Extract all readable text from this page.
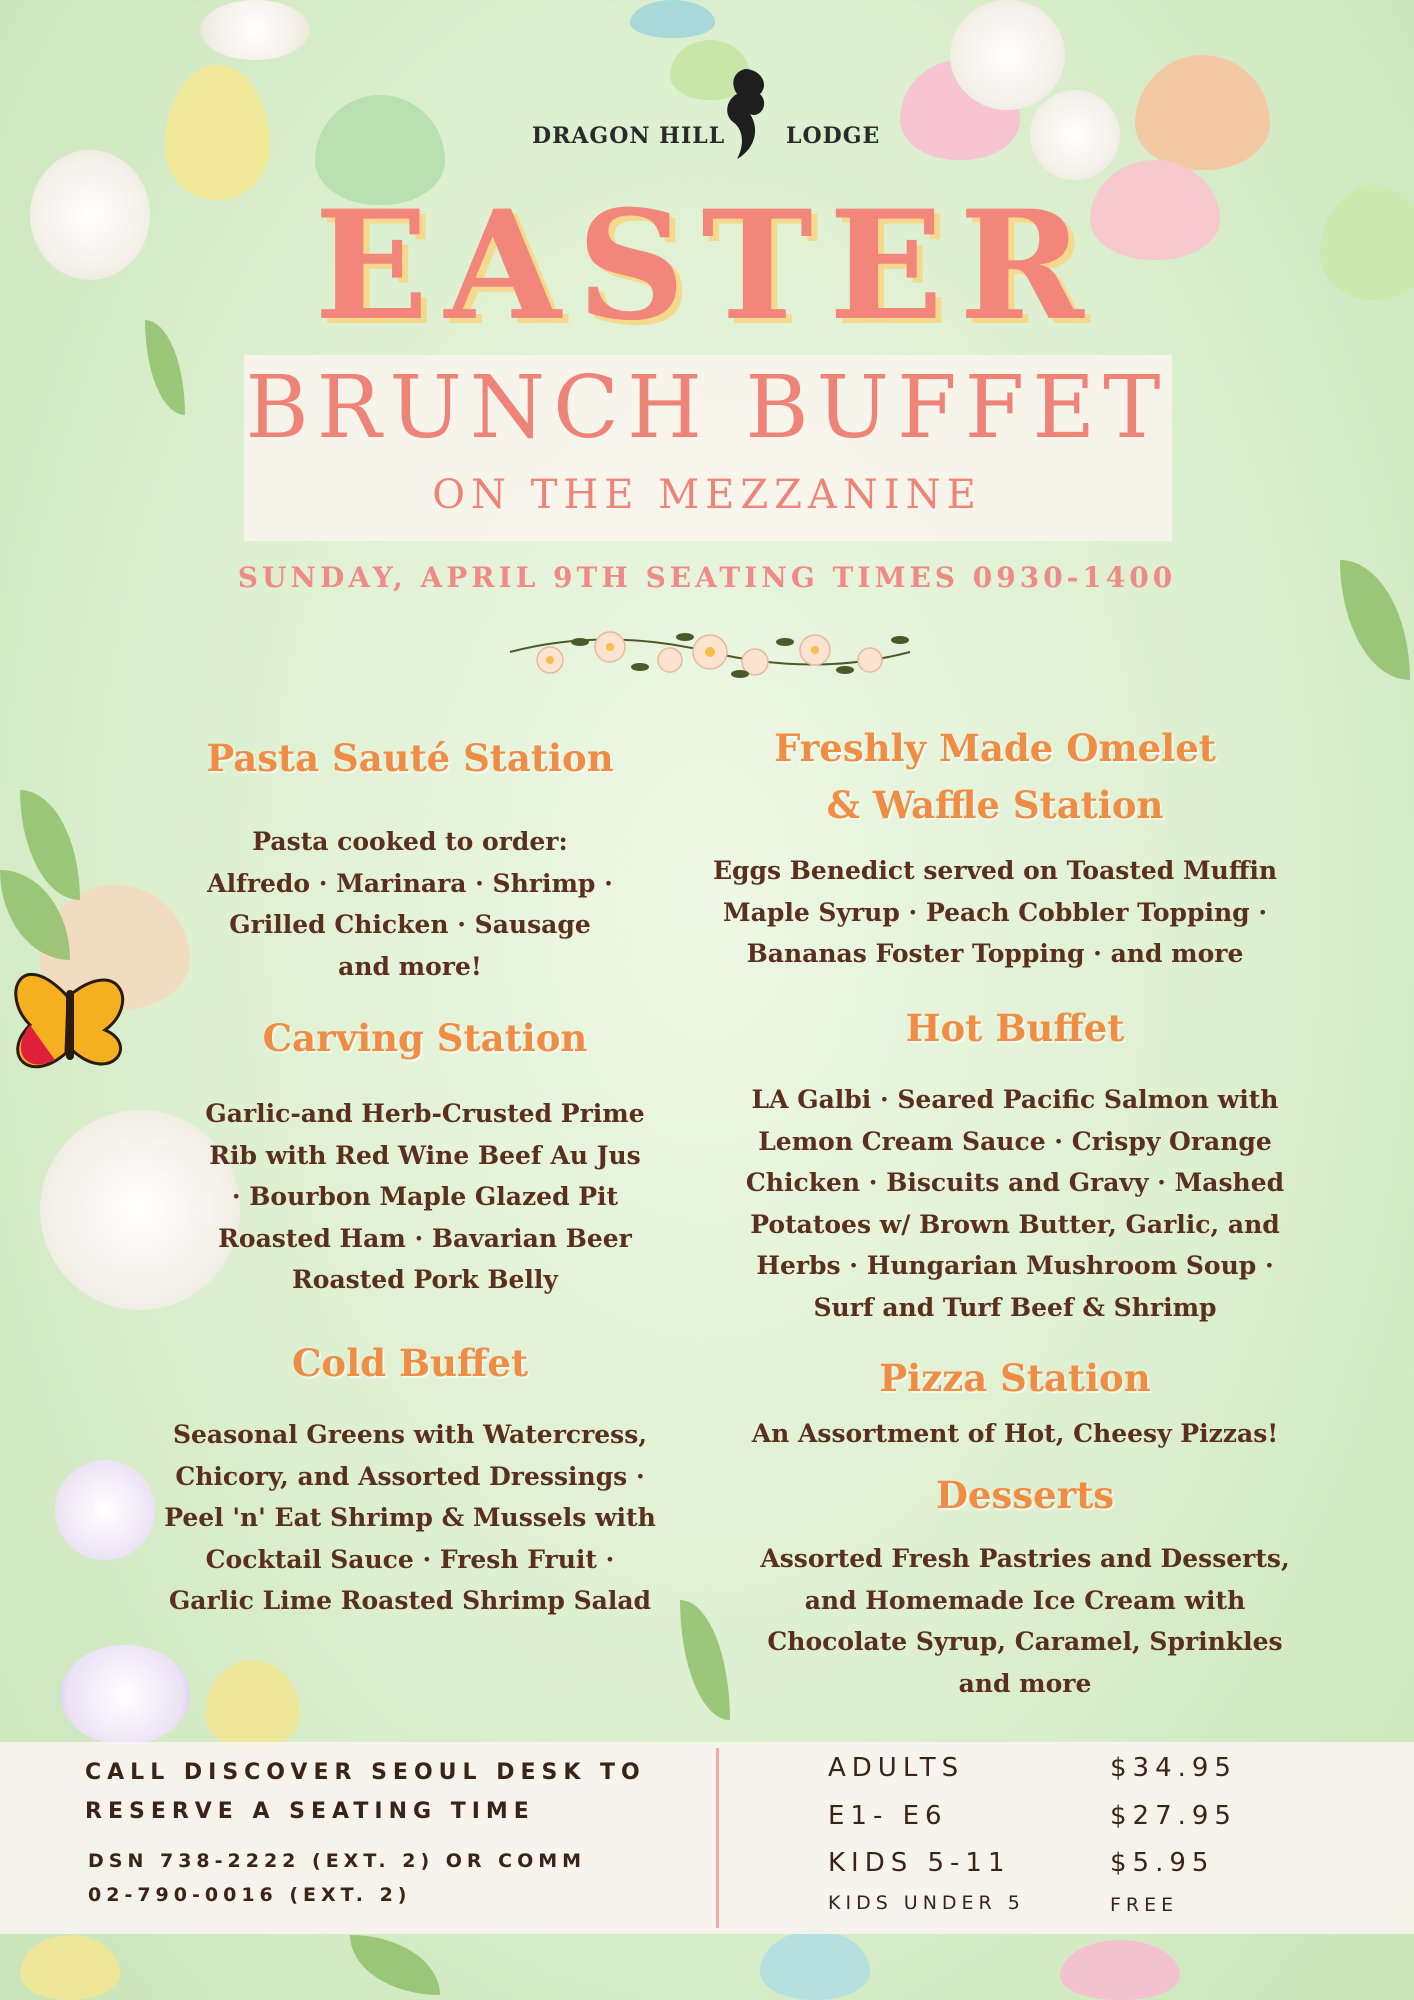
DRAGON HILL	LODGE
EASTER
BRUNCH BUFFET
ON THE MEZZANINE
SUNDAY, APRIL 9TH SEATING TIMES 0930-1400
Pasta Sauté Station

Pasta cooked to order:
Alfredo · Marinara · Shrimp ·
Grilled Chicken · Sausage
and more!

Carving Station

Garlic-and Herb-Crusted Prime
Rib with Red Wine Beef Au Jus
· Bourbon Maple Glazed Pit
Roasted Ham · Bavarian Beer
Roasted Pork Belly

Cold Buffet

Seasonal Greens with Watercress,
Chicory, and Assorted Dressings ·
Peel 'n' Eat Shrimp & Mussels with
Cocktail Sauce · Fresh Fruit ·
Garlic Lime Roasted Shrimp Salad

Freshly Made Omelet
& Waffle Station

Eggs Benedict served on Toasted Muffin
Maple Syrup · Peach Cobbler Topping ·
Bananas Foster Topping · and more

Hot Buffet

LA Galbi · Seared Pacific Salmon with
Lemon Cream Sauce · Crispy Orange
Chicken · Biscuits and Gravy · Mashed
Potatoes w/ Brown Butter, Garlic, and
Herbs · Hungarian Mushroom Soup ·
Surf and Turf Beef & Shrimp

Pizza Station

An Assortment of Hot, Cheesy Pizzas!

Desserts

Assorted Fresh Pastries and Desserts,
and Homemade Ice Cream with
Chocolate Syrup, Caramel, Sprinkles
and more

CALL DISCOVER SEOUL DESK TO
RESERVE A SEATING TIME
DSN 738-2222 (EXT. 2) OR COMM
02-790-0016 (EXT. 2)
ADULTS	$34.95
E1- E6	$27.95
KIDS 5-11	$5.95
KIDS UNDER 5	FREE
